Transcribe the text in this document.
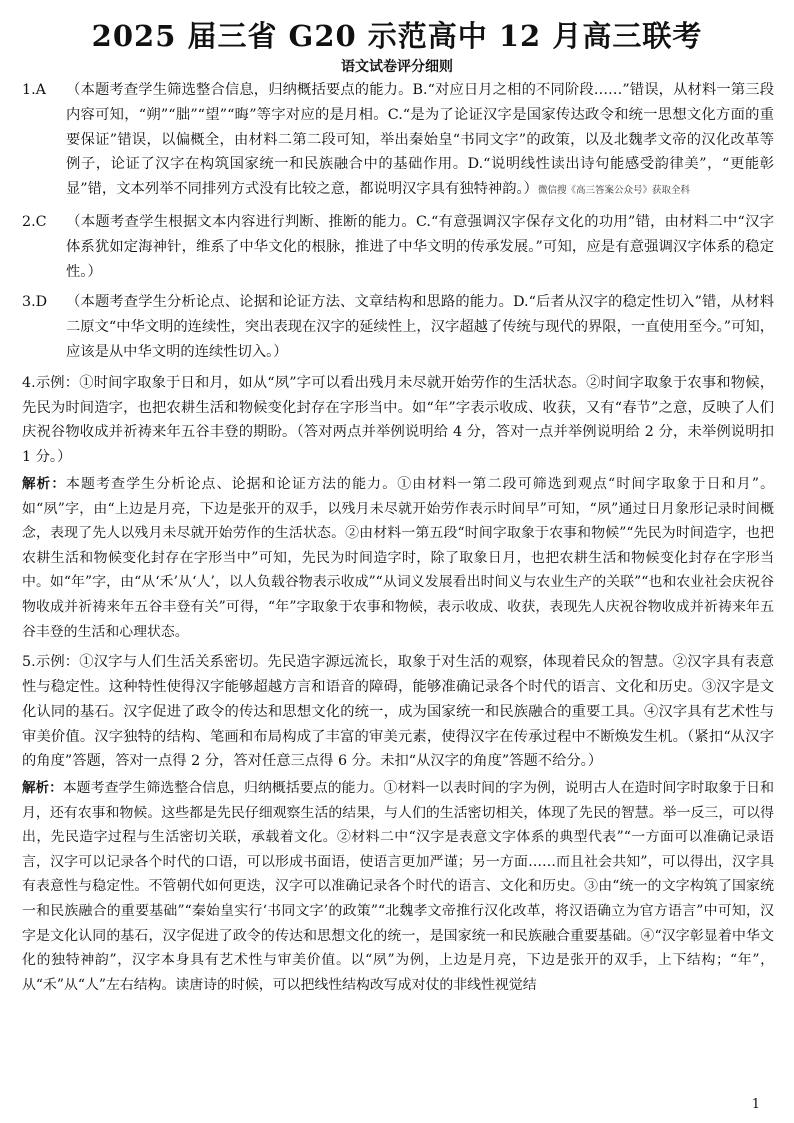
2025 届三省 G20 示范高中 12 月高三联考
语文试卷评分细则

1.A （本题考查学生筛选整合信息，归纳概括要点的能力。B.“对应日月之相的不同阶段……”错误，从材料一第三段内容可知，“朔”“朏”“望”“晦”等字对应的是月相。C.“是为了论证汉字是国家传达政令和统一思想文化方面的重要保证”错误，以偏概全，由材料二第二段可知，举出秦始皇“书同文字”的政策，以及北魏孝文帝的汉化改革等例子，论证了汉字在构筑国家统一和民族融合中的基础作用。D.“说明线性读出诗句能感受韵律美”，“更能彰显”错，文本列举不同排列方式没有比较之意，都说明汉字具有独特神韵。）微信搜《高三答案公众号》获取全科

2.C （本题考查学生根据文本内容进行判断、推断的能力。C.“有意强调汉字保存文化的功用”错，由材料二中“汉字体系犹如定海神针，维系了中华文化的根脉，推进了中华文明的传承发展。”可知，应是有意强调汉字体系的稳定性。）

3.D （本题考查学生分析论点、论据和论证方法、文章结构和思路的能力。D.“后者从汉字的稳定性切入”错，从材料二原文“中华文明的连续性，突出表现在汉字的延续性上，汉字超越了传统与现代的界限，一直使用至今。”可知，应该是从中华文明的连续性切入。）

4.示例：①时间字取象于日和月，如从“夙”字可以看出残月未尽就开始劳作的生活状态。②时间字取象于农事和物候，先民为时间造字，也把农耕生活和物候变化封存在字形当中。如“年”字表示收成、收获，又有“春节”之意，反映了人们庆祝谷物收成并祈祷来年五谷丰登的期盼。（答对两点并举例说明给 4 分，答对一点并举例说明给 2 分，未举例说明扣 1 分。）

解析：本题考查学生分析论点、论据和论证方法的能力。①由材料一第二段可筛选到观点“时间字取象于日和月”。如“夙”字，由“上边是月亮，下边是张开的双手，以残月未尽就开始劳作表示时间早”可知，“夙”通过日月象形记录时间概念，表现了先人以残月未尽就开始劳作的生活状态。②由材料一第五段“时间字取象于农事和物候”“先民为时间造字，也把农耕生活和物候变化封存在字形当中”可知，先民为时间造字时，除了取象日月，也把农耕生活和物候变化封存在字形当中。如“年”字，由“从‘禾’从‘人’，以人负载谷物表示收成”“从词义发展看出时间义与农业生产的关联”“也和农业社会庆祝谷物收成并祈祷来年五谷丰登有关”可得，“年”字取象于农事和物候，表示收成、收获，表现先人庆祝谷物收成并祈祷来年五谷丰登的生活和心理状态。

5.示例：①汉字与人们生活关系密切。先民造字源远流长，取象于对生活的观察，体现着民众的智慧。②汉字具有表意性与稳定性。这种特性使得汉字能够超越方言和语音的障碍，能够准确记录各个时代的语言、文化和历史。③汉字是文化认同的基石。汉字促进了政令的传达和思想文化的统一，成为国家统一和民族融合的重要工具。④汉字具有艺术性与审美价值。汉字独特的结构、笔画和布局构成了丰富的审美元素，使得汉字在传承过程中不断焕发生机。（紧扣“从汉字的角度”答题，答对一点得 2 分，答对任意三点得 6 分。未扣“从汉字的角度”答题不给分。）

解析：本题考查学生筛选整合信息，归纳概括要点的能力。①材料一以表时间的字为例，说明古人在造时间字时取象于日和月，还有农事和物候。这些都是先民仔细观察生活的结果，与人们的生活密切相关，体现了先民的智慧。举一反三，可以得出，先民造字过程与生活密切关联，承载着文化。②材料二中“汉字是表意文字体系的典型代表”“一方面可以准确记录语言，汉字可以记录各个时代的口语，可以形成书面语，使语言更加严谨；另一方面……而且社会共知”，可以得出，汉字具有表意性与稳定性。不管朝代如何更迭，汉字可以准确记录各个时代的语言、文化和历史。③由“统一的文字构筑了国家统一和民族融合的重要基础”“秦始皇实行‘书同文字’的政策”“北魏孝文帝推行汉化改革，将汉语确立为官方语言”中可知，汉字是文化认同的基石，汉字促进了政令的传达和思想文化的统一，是国家统一和民族融合重要基础。④“汉字彰显着中华文化的独特神韵”，汉字本身具有艺术性与审美价值。以“夙”为例，上边是月亮，下边是张开的双手，上下结构；“年”，从“禾”从“人”左右结构。读唐诗的时候，可以把线性结构改写成对仗的非线性视觉结

1
